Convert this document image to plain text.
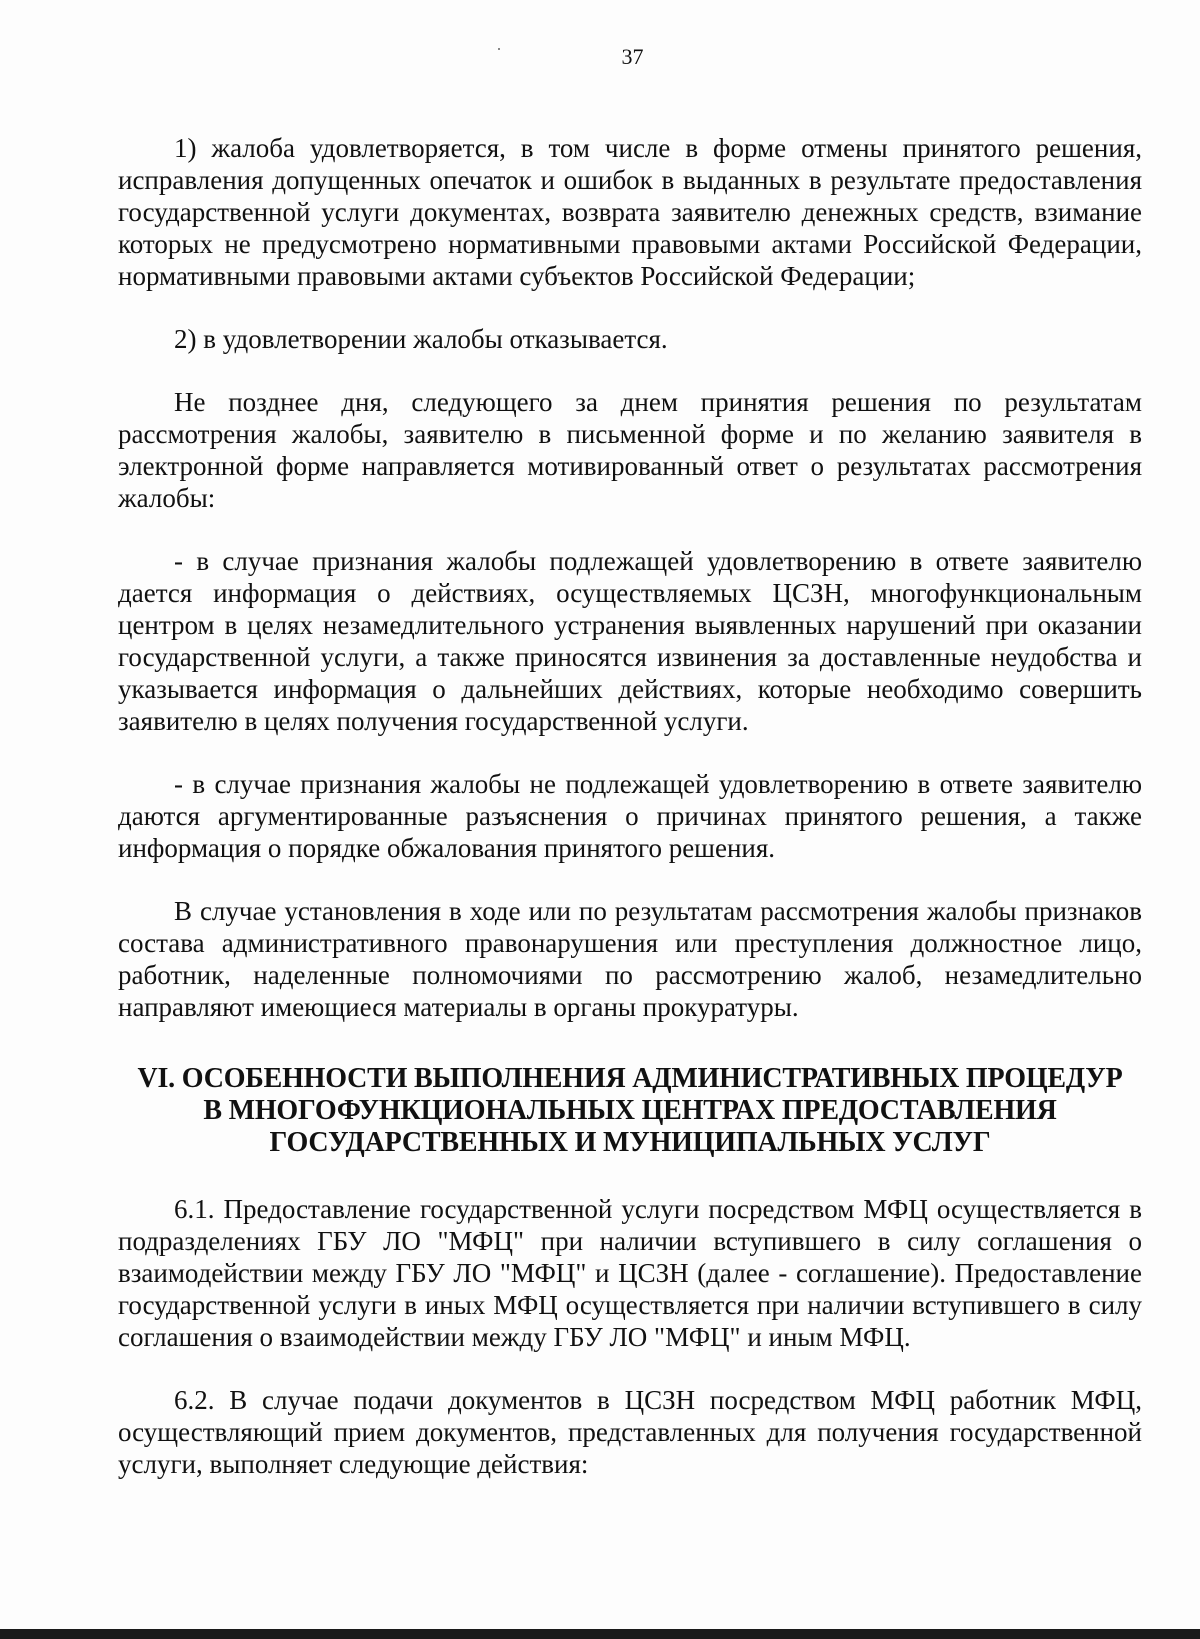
37

1) жалоба удовлетворяется, в том числе в форме отмены принятого решения, исправления допущенных опечаток и ошибок в выданных в результате предоставления государственной услуги документах, возврата заявителю денежных средств, взимание которых не предусмотрено нормативными правовыми актами Российской Федерации, нормативными правовыми актами субъектов Российской Федерации;

2) в удовлетворении жалобы отказывается.

Не позднее дня, следующего за днем принятия решения по результатам рассмотрения жалобы, заявителю в письменной форме и по желанию заявителя в электронной форме направляется мотивированный ответ о результатах рассмотрения жалобы:

- в случае признания жалобы подлежащей удовлетворению в ответе заявителю дается информация о действиях, осуществляемых ЦСЗН, многофункциональным центром в целях незамедлительного устранения выявленных нарушений при оказании государственной услуги, а также приносятся извинения за доставленные неудобства и указывается информация о дальнейших действиях, которые необходимо совершить заявителю в целях получения государственной услуги.

- в случае признания жалобы не подлежащей удовлетворению в ответе заявителю даются аргументированные разъяснения о причинах принятого решения, а также информация о порядке обжалования принятого решения.

В случае установления в ходе или по результатам рассмотрения жалобы признаков состава административного правонарушения или преступления должностное лицо, работник, наделенные полномочиями по рассмотрению жалоб, незамедлительно направляют имеющиеся материалы в органы прокуратуры.

VI. ОСОБЕННОСТИ ВЫПОЛНЕНИЯ АДМИНИСТРАТИВНЫХ ПРОЦЕДУР
В МНОГОФУНКЦИОНАЛЬНЫХ ЦЕНТРАХ ПРЕДОСТАВЛЕНИЯ
ГОСУДАРСТВЕННЫХ И МУНИЦИПАЛЬНЫХ УСЛУГ

6.1. Предоставление государственной услуги посредством МФЦ осуществляется в подразделениях ГБУ ЛО "МФЦ" при наличии вступившего в силу соглашения о взаимодействии между ГБУ ЛО "МФЦ" и ЦСЗН (далее - соглашение). Предоставление государственной услуги в иных МФЦ осуществляется при наличии вступившего в силу соглашения о взаимодействии между ГБУ ЛО "МФЦ" и иным МФЦ.

6.2. В случае подачи документов в ЦСЗН посредством МФЦ работник МФЦ, осуществляющий прием документов, представленных для получения государственной услуги, выполняет следующие действия:
